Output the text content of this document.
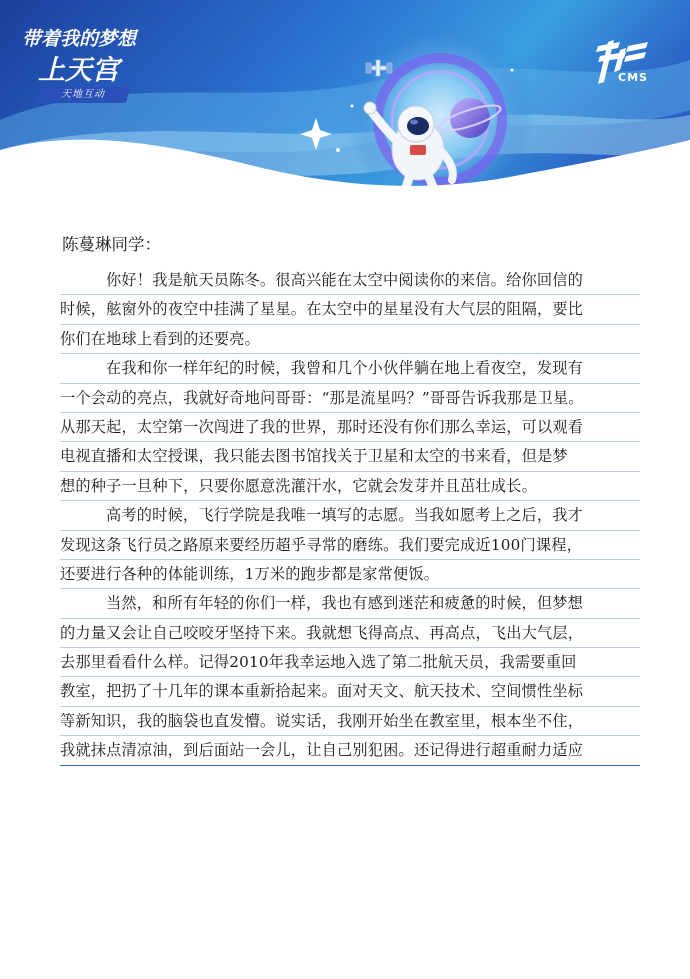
带着我的梦想
上天宫
天地互动
CMS
陈蔓琳同学：
你好！我是航天员陈冬。很高兴能在太空中阅读你的来信。给你回信的
时候，舷窗外的夜空中挂满了星星。在太空中的星星没有大气层的阻隔，要比
你们在地球上看到的还要亮。
在我和你一样年纪的时候，我曾和几个小伙伴躺在地上看夜空，发现有
一个会动的亮点，我就好奇地问哥哥：“那是流星吗？”哥哥告诉我那是卫星。
从那天起，太空第一次闯进了我的世界，那时还没有你们那么幸运，可以观看
电视直播和太空授课，我只能去图书馆找关于卫星和太空的书来看，但是梦
想的种子一旦种下，只要你愿意洗灌汗水，它就会发芽并且茁壮成长。
高考的时候，飞行学院是我唯一填写的志愿。当我如愿考上之后，我才
发现这条飞行员之路原来要经历超乎寻常的磨练。我们要完成近100门课程，
还要进行各种的体能训练，1万米的跑步都是家常便饭。
当然，和所有年轻的你们一样，我也有感到迷茫和疲惫的时候，但梦想
的力量又会让自己咬咬牙坚持下来。我就想飞得高点、再高点，飞出大气层，
去那里看看什么样。记得2010年我幸运地入选了第二批航天员，我需要重回
教室，把扔了十几年的课本重新拾起来。面对天文、航天技术、空间惯性坐标
等新知识，我的脑袋也直发懵。说实话，我刚开始坐在教室里，根本坐不住，
我就抹点清凉油，到后面站一会儿，让自己别犯困。还记得进行超重耐力适应
